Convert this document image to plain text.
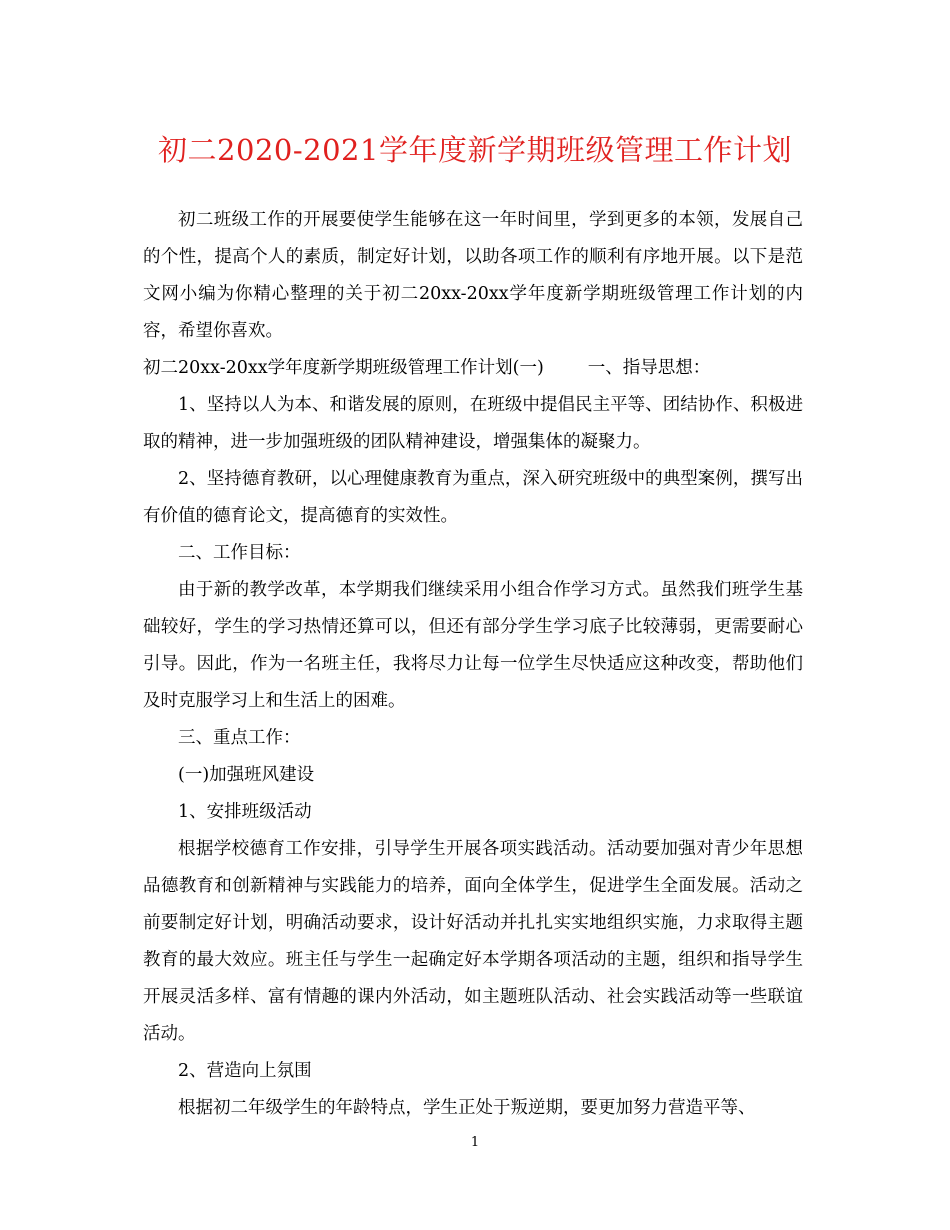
初二2020-2021学年度新学期班级管理工作计划

初二班级工作的开展要使学生能够在这一年时间里，学到更多的本领，发展自己的个性，提高个人的素质，制定好计划，以助各项工作的顺利有序地开展。以下是范文网小编为你精心整理的关于初二20xx-20xx学年度新学期班级管理工作计划的内容，希望你喜欢。

初二20xx-20xx学年度新学期班级管理工作计划(一)	一、指导思想：

1、坚持以人为本、和谐发展的原则，在班级中提倡民主平等、团结协作、积极进取的精神，进一步加强班级的团队精神建设，增强集体的凝聚力。

2、坚持德育教研，以心理健康教育为重点，深入研究班级中的典型案例，撰写出有价值的德育论文，提高德育的实效性。

二、工作目标：

由于新的教学改革，本学期我们继续采用小组合作学习方式。虽然我们班学生基础较好，学生的学习热情还算可以，但还有部分学生学习底子比较薄弱，更需要耐心引导。因此，作为一名班主任，我将尽力让每一位学生尽快适应这种改变，帮助他们及时克服学习上和生活上的困难。

三、重点工作：

(一)加强班风建设

1、安排班级活动

根据学校德育工作安排，引导学生开展各项实践活动。活动要加强对青少年思想品德教育和创新精神与实践能力的培养，面向全体学生，促进学生全面发展。活动之前要制定好计划，明确活动要求，设计好活动并扎扎实实地组织实施，力求取得主题教育的最大效应。班主任与学生一起确定好本学期各项活动的主题，组织和指导学生开展灵活多样、富有情趣的课内外活动，如主题班队活动、社会实践活动等一些联谊活动。

2、营造向上氛围

根据初二年级学生的年龄特点，学生正处于叛逆期，要更加努力营造平等、

1
